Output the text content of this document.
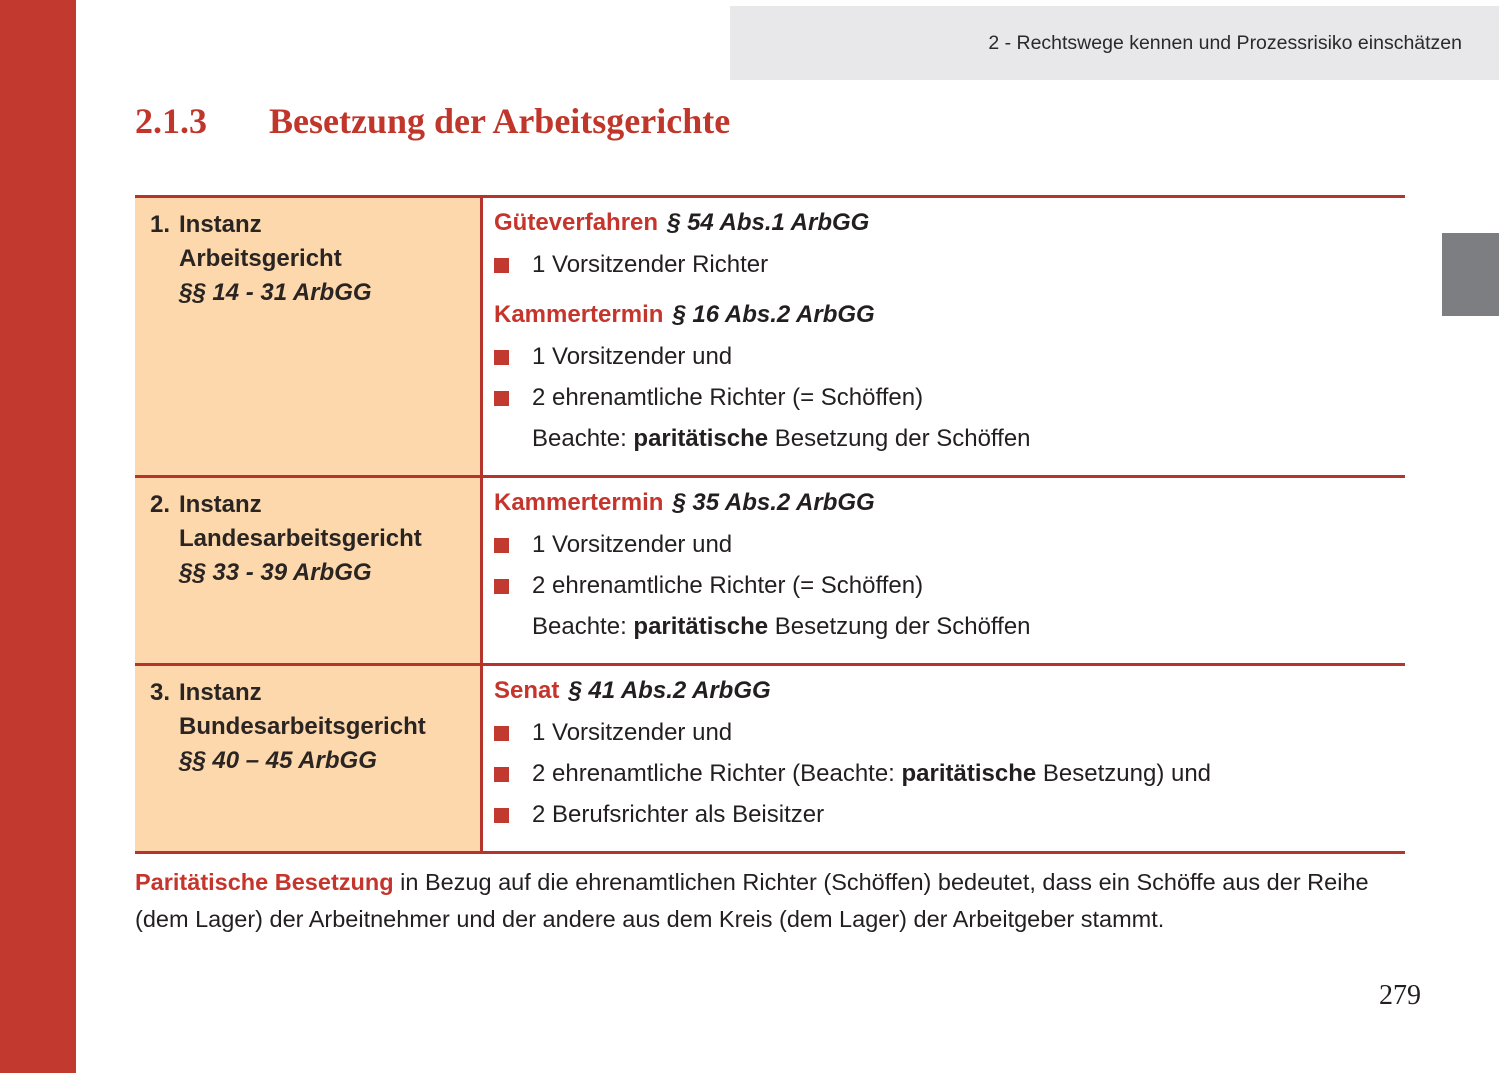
2 - Rechtswege kennen und Prozessrisiko einschätzen
2.1.3 Besetzung der Arbeitsgerichte
1. Instanz
Arbeitsgericht
§§ 14 - 31 ArbGG
Güteverfahren § 54 Abs.1 ArbGG
1 Vorsitzender Richter
Kammertermin § 16 Abs.2 ArbGG
1 Vorsitzender und
2 ehrenamtliche Richter (= Schöffen)
Beachte: paritätische Besetzung der Schöffen
2. Instanz
Landesarbeitsgericht
§§ 33 - 39 ArbGG
Kammertermin § 35 Abs.2 ArbGG
1 Vorsitzender und
2 ehrenamtliche Richter (= Schöffen)
Beachte: paritätische Besetzung der Schöffen
3. Instanz
Bundesarbeitsgericht
§§ 40 – 45 ArbGG
Senat § 41 Abs.2 ArbGG
1 Vorsitzender und
2 ehrenamtliche Richter (Beachte: paritätische Besetzung) und
2 Berufsrichter als Beisitzer
Paritätische Besetzung in Bezug auf die ehrenamtlichen Richter (Schöffen) bedeutet, dass ein Schöffe aus der Reihe (dem Lager) der Arbeitnehmer und der andere aus dem Kreis (dem Lager) der Arbeitgeber stammt.
279
